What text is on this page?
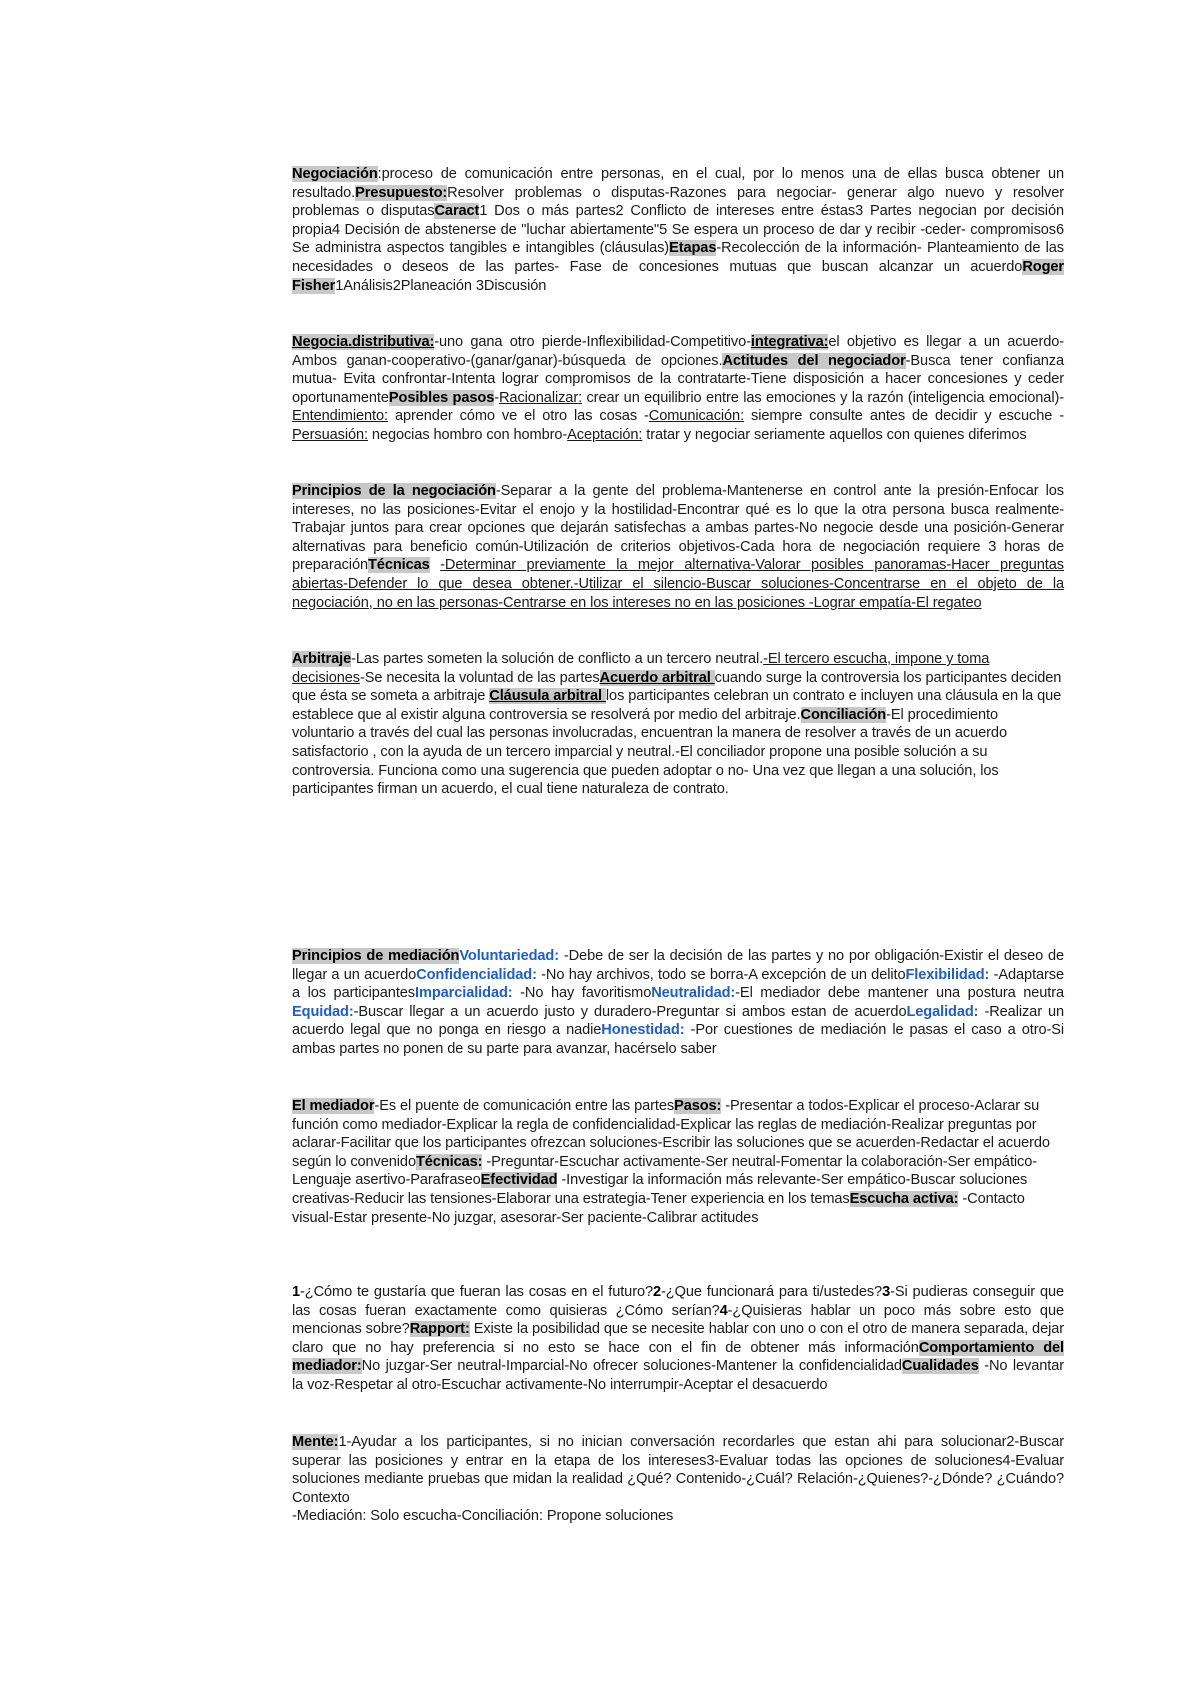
Negociación:proceso de comunicación entre personas, en el cual, por lo menos una de ellas busca obtener un resultado.Presupuesto:Resolver problemas o disputas-Razones para negociar- generar algo nuevo y resolver problemas o disputasCaract1 Dos o más partes2 Conflicto de intereses entre éstas3 Partes negocian por decisión propia4 Decisión de abstenerse de "luchar abiertamente"5 Se espera un proceso de dar y recibir -ceder- compromisos6 Se administra aspectos tangibles e intangibles (cláusulas)Etapas-Recolección de la información- Planteamiento de las necesidades o deseos de las partes- Fase de concesiones mutuas que buscan alcanzar un acuerdoRoger Fisher1Análisis2Planeación 3Discusión
Negocia.distributiva:-uno gana otro pierde-Inflexibilidad-Competitivo-integrativa:el objetivo es llegar a un acuerdo-Ambos ganan-cooperativo-(ganar/ganar)-búsqueda de opciones.Actitudes del negociador-Busca tener confianza mutua- Evita confrontar-Intenta lograr compromisos de la contratarte-Tiene disposición a hacer concesiones y ceder oportunamentePosibles pasos-Racionalizar: crear un equilibrio entre las emociones y la razón (inteligencia emocional)-Entendimiento: aprender cómo ve el otro las cosas -Comunicación: siempre consulte antes de decidir y escuche -Persuasión: negocias hombro con hombro-Aceptación: tratar y negociar seriamente aquellos con quienes diferimos
Principios de la negociación-Separar a la gente del problema-Mantenerse en control ante la presión-Enfocar los intereses, no las posiciones-Evitar el enojo y la hostilidad-Encontrar qué es lo que la otra persona busca realmente-Trabajar juntos para crear opciones que dejarán satisfechas a ambas partes-No negocie desde una posición-Generar alternativas para beneficio común-Utilización de criterios objetivos-Cada hora de negociación requiere 3 horas de preparaciónTécnicas -Determinar previamente la mejor alternativa-Valorar posibles panoramas-Hacer preguntas abiertas-Defender lo que desea obtener.-Utilizar el silencio-Buscar soluciones-Concentrarse en el objeto de la negociación, no en las personas-Centrarse en los intereses no en las posiciones -Lograr empatía-El regateo
Arbitraje-Las partes someten la solución de conflicto a un tercero neutral.-El tercero escucha, impone y toma decisiones-Se necesita la voluntad de las partesAcuerdo arbitral cuando surge la controversia los participantes deciden que ésta se someta a arbitraje Cláusula arbitral los participantes celebran un contrato e incluyen una cláusula en la que establece que al existir alguna controversia se resolverá por medio del arbitraje.Conciliación-El procedimiento voluntario a través del cual las personas involucradas, encuentran la manera de resolver a través de un acuerdo satisfactorio , con la ayuda de un tercero imparcial y neutral.-El conciliador propone una posible solución a su controversia. Funciona como una sugerencia que pueden adoptar o no- Una vez que llegan a una solución, los participantes firman un acuerdo, el cual tiene naturaleza de contrato.
Principios de mediaciónVoluntariedad: -Debe de ser la decisión de las partes y no por obligación-Existir el deseo de llegar a un acuerdoConfidencialidad: -No hay archivos, todo se borra-A excepción de un delitoFlexibilidad: -Adaptarse a los participantesImparcialidad: -No hay favoritismoNeutralidad:-El mediador debe mantener una postura neutra Equidad:-Buscar llegar a un acuerdo justo y duradero-Preguntar si ambos estan de acuerdoLegalidad: -Realizar un acuerdo legal que no ponga en riesgo a nadieHonestidad: -Por cuestiones de mediación le pasas el caso a otro-Si ambas partes no ponen de su parte para avanzar, hacérselo saber
El mediador-Es el puente de comunicación entre las partesPasos: -Presentar a todos-Explicar el proceso-Aclarar su función como mediador-Explicar la regla de confidencialidad-Explicar las reglas de mediación-Realizar preguntas por aclarar-Facilitar que los participantes ofrezcan soluciones-Escribir las soluciones que se acuerden-Redactar el acuerdo según lo convenidoTécnicas: -Preguntar-Escuchar activamente-Ser neutral-Fomentar la colaboración-Ser empático-Lenguaje asertivo-ParafraseoEfectividad -Investigar la información más relevante-Ser empático-Buscar soluciones creativas-Reducir las tensiones-Elaborar una estrategia-Tener experiencia en los temasEscucha activa: -Contacto visual-Estar presente-No juzgar, asesorar-Ser paciente-Calibrar actitudes
1-¿Cómo te gustaría que fueran las cosas en el futuro?2-¿Que funcionará para ti/ustedes?3-Si pudieras conseguir que las cosas fueran exactamente como quisieras ¿Cómo serían?4-¿Quisieras hablar un poco más sobre esto que mencionas sobre?Rapport: Existe la posibilidad que se necesite hablar con uno o con el otro de manera separada, dejar claro que no hay preferencia si no esto se hace con el fin de obtener más informaciónComportamiento del mediador:No juzgar-Ser neutral-Imparcial-No ofrecer soluciones-Mantener la confidencialidadCualidades -No levantar la voz-Respetar al otro-Escuchar activamente-No interrumpir-Aceptar el desacuerdo
Mente:1-Ayudar a los participantes, si no inician conversación recordarles que estan ahi para solucionar2-Buscar superar las posiciones y entrar en la etapa de los intereses3-Evaluar todas las opciones de soluciones4-Evaluar soluciones mediante pruebas que midan la realidad ¿Qué? Contenido-¿Cuál? Relación-¿Quienes?-¿Dónde? ¿Cuándo? Contexto
-Mediación: Solo escucha-Conciliación: Propone soluciones
